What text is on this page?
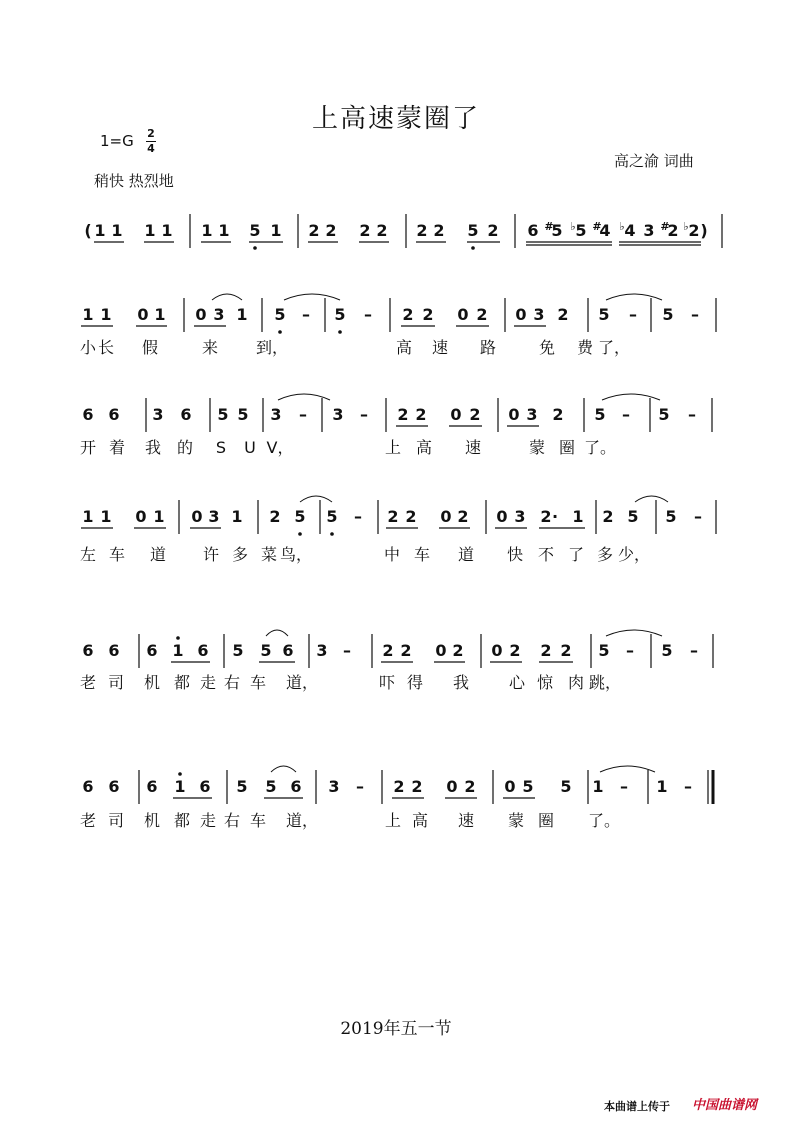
上高速蒙圈了
1=G 2
4
稍快 热烈地
高之渝 词曲
( 1 1 1 1 1 1 5 1 2 2 2 2 2 2 5 2 6 #
5 ♭ 5 #
4 ♭ 4 3 #
2 ♭ 2 )
1 1 0 1 0 3 1 5 – 5 – 2 2 0 2 0 3 2 5 – 5 –
小 长 假	来 到，	高 速 路	免 费 了，
6 6 3 6 5 5 3 – 3 – 2 2 0 2 0 3 2 5 – 5 –
开 着 我 的 S U V，	上 高 速	蒙 圈 了。
1 1 0 1 0 3 1 2 5 5 – 2 2 0 2 0 3 2 · 1 2 5 5 –
左 车 道 许 多 菜 鸟，	中 车 道 快 不 了 多 少，
6 6 6 1 6 5 5 6 3 – 2 2 0 2 0 2 2 2 5 – 5 –
老 司 机 都 走 右 车 道，	吓 得 我 心 惊 肉 跳，
6 6 6 1 6 5 5 6 3 – 2 2 0 2 0 5 5 1 – 1 –
老 司 机 都 走 右 车 道，	上 高 速 蒙 圈 了。
2019年五一节
本曲谱上传于 中国曲谱网
